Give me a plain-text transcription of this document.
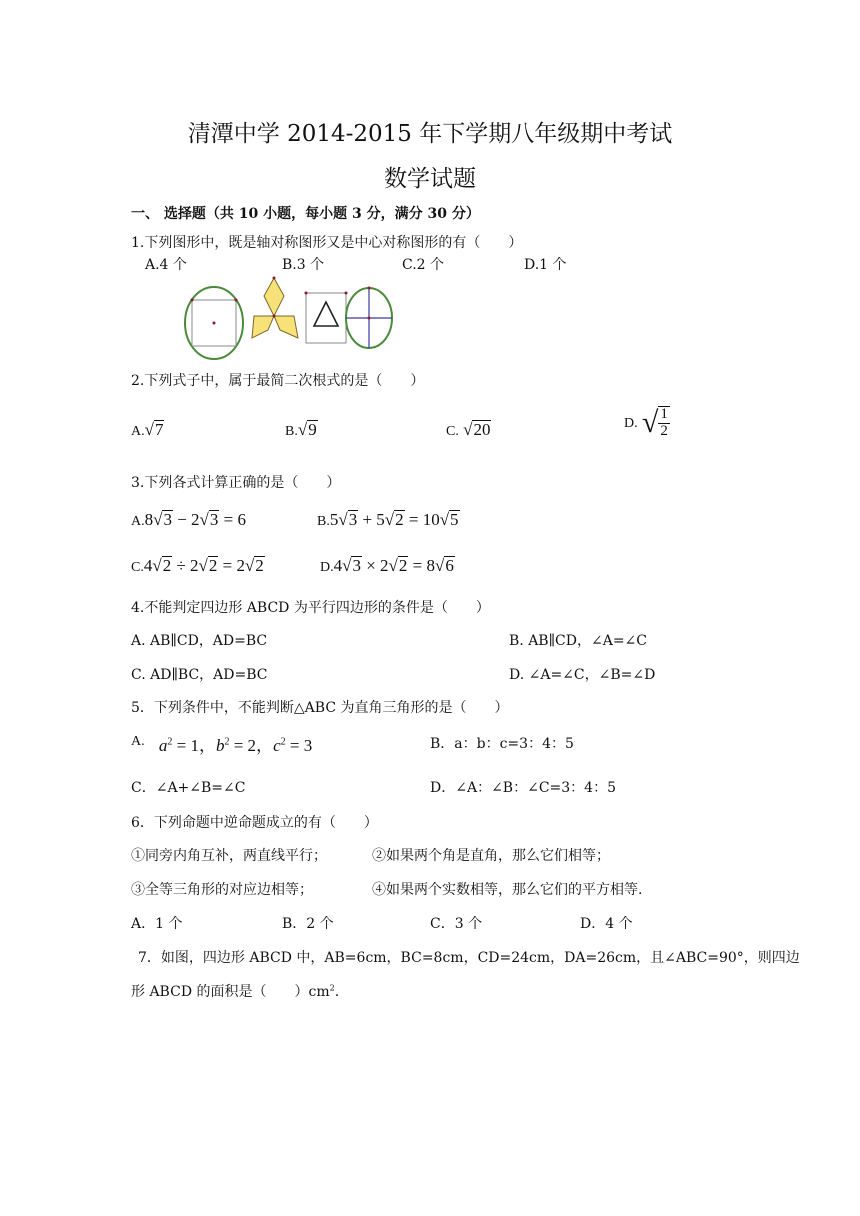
清潭中学 2014-2015 年下学期八年级期中考试
数学试题
一、 选择题（共 10 小题，每小题 3 分，满分 30 分）
1.下列图形中，既是轴对称图形又是中心对称图形的有（　　）
A.4 个	B.3 个	C.2 个	D.1 个
2.下列式子中，属于最简二次根式的是（　　）
A.√7	B.√9	C. √20	D. √ $\frac{1}{2}$
3.下列各式计算正确的是（　　）
A.8√3 − 2√3 = 6	B.5√3 + 5√2 = 10√5
C.4√2 ÷ 2√2 = 2√2	D.4√3 × 2√2 = 8√6
4.不能判定四边形 ABCD 为平行四边形的条件是（　　）
A. AB∥CD，AD=BC	B. AB∥CD，∠A=∠C
C. AD∥BC，AD=BC	D. ∠A=∠C，∠B=∠D
5．下列条件中，不能判断△ABC 为直角三角形的是（　　）
$^{A.}$ $a^2 = 1$，$b^2 = 2$，$c^2 = 3$	B．a：b：c=3：4：5
C．∠A+∠B=∠C	D．∠A：∠B：∠C=3：4：5
6．下列命题中逆命题成立的有（　　）
①同旁内角互补，两直线平行；	②如果两个角是直角，那么它们相等；
③全等三角形的对应边相等；	④如果两个实数相等，那么它们的平方相等.
A．1 个	B．2 个	C．3 个	D．4 个
7．如图，四边形 ABCD 中，AB=6cm，BC=8cm，CD=24cm，DA=26cm，且∠ABC=90°，则四边
形 ABCD 的面积是（　　）$cm^2$.
